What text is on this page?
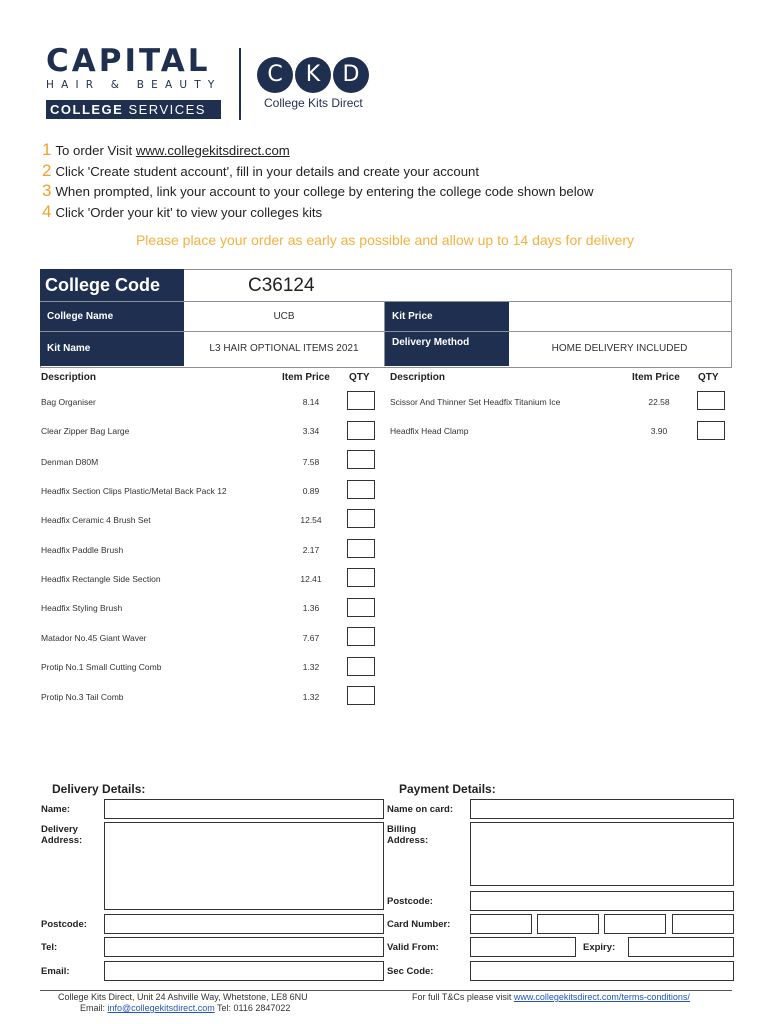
CAPITAL
HAIR & BEAUTY
COLLEGE SERVICES
C	K	D
College Kits Direct
1 To order Visit www.collegekitsdirect.com
2 Click 'Create student account', fill in your details and create your account
3 When prompted, link your account to your college by entering the college code shown below
4 Click 'Order your kit' to view your colleges kits
Please place your order as early as possible and allow up to 14 days for delivery
College Code	C36124
College Name	UCB	Kit Price
Kit Name	L3 HAIR OPTIONAL ITEMS 2021
Delivery Method
HOME DELIVERY INCLUDED
Description	Item Price QTY Description	Item Price QTY
Bag Organiser	8.14
Clear Zipper Bag Large	3.34
Denman D80M	7.58
Headfix Section Clips Plastic/Metal Back Pack 12	0.89
Headfix Ceramic 4 Brush Set	12.54
Headfix Paddle Brush	2.17
Headfix Rectangle Side Section	12.41
Headfix Styling Brush	1.36
Matador No.45 Giant Waver	7.67
Protip No.1 Small Cutting Comb	1.32
Protip No.3 Tail Comb	1.32
Scissor And Thinner Set Headfix Titanium Ice	22.58
Headfix Head Clamp	3.90
Delivery Details:
Name:
Delivery
Address:
Postcode:
Tel:
Email:
Payment Details:
Name on card:
Billing
Address:
Postcode:
Card Number:
Valid From:	Expiry:
Sec Code:
College Kits Direct, Unit 24 Ashville Way, Whetstone, LE8 6NU
Email: info@collegekitsdirect.com Tel: 0116 2847022
For full T&Cs please visit www.collegekitsdirect.com/terms-conditions/
